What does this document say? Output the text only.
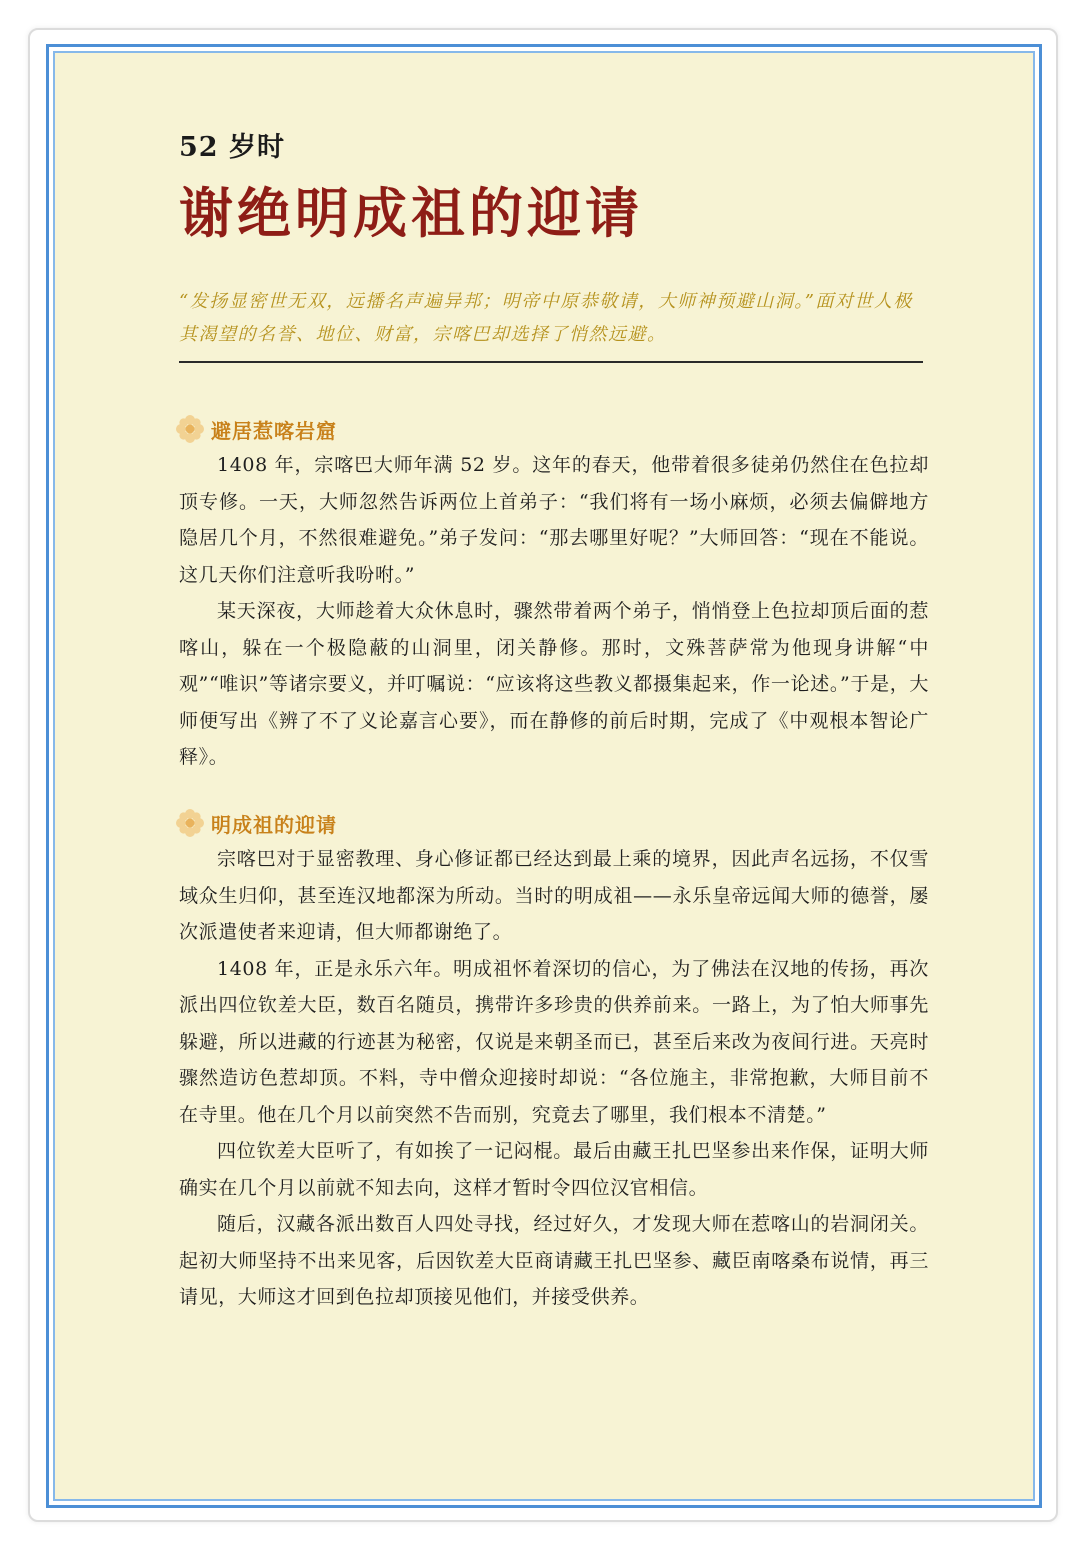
52 岁时
谢绝明成祖的迎请
“发扬显密世无双，远播名声遍异邦；明帝中原恭敬请，大师神预避山洞。”面对世人极其渴望的名誉、地位、财富，宗喀巴却选择了悄然远避。
避居惹喀岩窟

1408 年，宗喀巴大师年满 52 岁。这年的春天，他带着很多徒弟仍然住在色拉却顶专修。一天，大师忽然告诉两位上首弟子：“我们将有一场小麻烦，必须去偏僻地方隐居几个月，不然很难避免。”弟子发问：“那去哪里好呢？”大师回答：“现在不能说。这几天你们注意听我吩咐。”

某天深夜，大师趁着大众休息时，骤然带着两个弟子，悄悄登上色拉却顶后面的惹喀山，躲在一个极隐蔽的山洞里，闭关静修。那时，文殊菩萨常为他现身讲解“中观”“唯识”等诸宗要义，并叮嘱说：“应该将这些教义都摄集起来，作一论述。”于是，大师便写出《辨了不了义论嘉言心要》，而在静修的前后时期，完成了《中观根本智论广释》。

明成祖的迎请

宗喀巴对于显密教理、身心修证都已经达到最上乘的境界，因此声名远扬，不仅雪域众生归仰，甚至连汉地都深为所动。当时的明成祖——永乐皇帝远闻大师的德誉，屡次派遣使者来迎请，但大师都谢绝了。

1408 年，正是永乐六年。明成祖怀着深切的信心，为了佛法在汉地的传扬，再次派出四位钦差大臣，数百名随员，携带许多珍贵的供养前来。一路上，为了怕大师事先躲避，所以进藏的行迹甚为秘密，仅说是来朝圣而已，甚至后来改为夜间行进。天亮时骤然造访色惹却顶。不料，寺中僧众迎接时却说：“各位施主，非常抱歉，大师目前不在寺里。他在几个月以前突然不告而别，究竟去了哪里，我们根本不清楚。”

四位钦差大臣听了，有如挨了一记闷棍。最后由藏王扎巴坚参出来作保，证明大师确实在几个月以前就不知去向，这样才暂时令四位汉官相信。

随后，汉藏各派出数百人四处寻找，经过好久，才发现大师在惹喀山的岩洞闭关。起初大师坚持不出来见客，后因钦差大臣商请藏王扎巴坚参、藏臣南喀桑布说情，再三请见，大师这才回到色拉却顶接见他们，并接受供养。
